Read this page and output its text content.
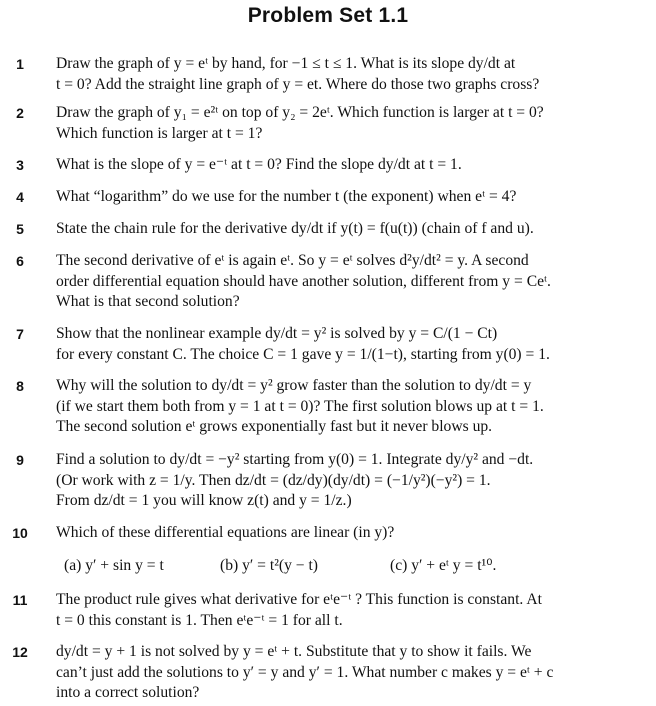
Problem Set 1.1
1	Draw the graph of y = eᵗ by hand, for −1 ≤ t ≤ 1. What is its slope dy/dt at
t = 0? Add the straight line graph of y = et. Where do those two graphs cross?
2	Draw the graph of y₁ = e²ᵗ on top of y₂ = 2eᵗ. Which function is larger at t = 0?
Which function is larger at t = 1?
3	What is the slope of y = e⁻ᵗ at t = 0? Find the slope dy/dt at t = 1.
4	What “logarithm” do we use for the number t (the exponent) when eᵗ = 4?
5	State the chain rule for the derivative dy/dt if y(t) = f(u(t)) (chain of f and u).
6	The second derivative of eᵗ is again eᵗ. So y = eᵗ solves d²y/dt² = y. A second
order differential equation should have another solution, different from y = Ceᵗ.
What is that second solution?
7	Show that the nonlinear example dy/dt = y² is solved by y = C/(1 − Ct)
for every constant C. The choice C = 1 gave y = 1/(1−t), starting from y(0) = 1.
8	Why will the solution to dy/dt = y² grow faster than the solution to dy/dt = y
(if we start them both from y = 1 at t = 0)? The first solution blows up at t = 1.
The second solution eᵗ grows exponentially fast but it never blows up.
9	Find a solution to dy/dt = −y² starting from y(0) = 1. Integrate dy/y² and −dt.
(Or work with z = 1/y. Then dz/dt = (dz/dy)(dy/dt) = (−1/y²)(−y²) = 1.
From dz/dt = 1 you will know z(t) and y = 1/z.)
10 Which of these differential equations are linear (in y)?
(a) y′ + sin y = t	(b) y′ = t²(y − t)	(c) y′ + eᵗ y = t¹⁰.
11 The product rule gives what derivative for eᵗe⁻ᵗ ? This function is constant. At
t = 0 this constant is 1. Then eᵗe⁻ᵗ = 1 for all t.
12 dy/dt = y + 1 is not solved by y = eᵗ + t. Substitute that y to show it fails. We
can’t just add the solutions to y′ = y and y′ = 1. What number c makes y = eᵗ + c
into a correct solution?
